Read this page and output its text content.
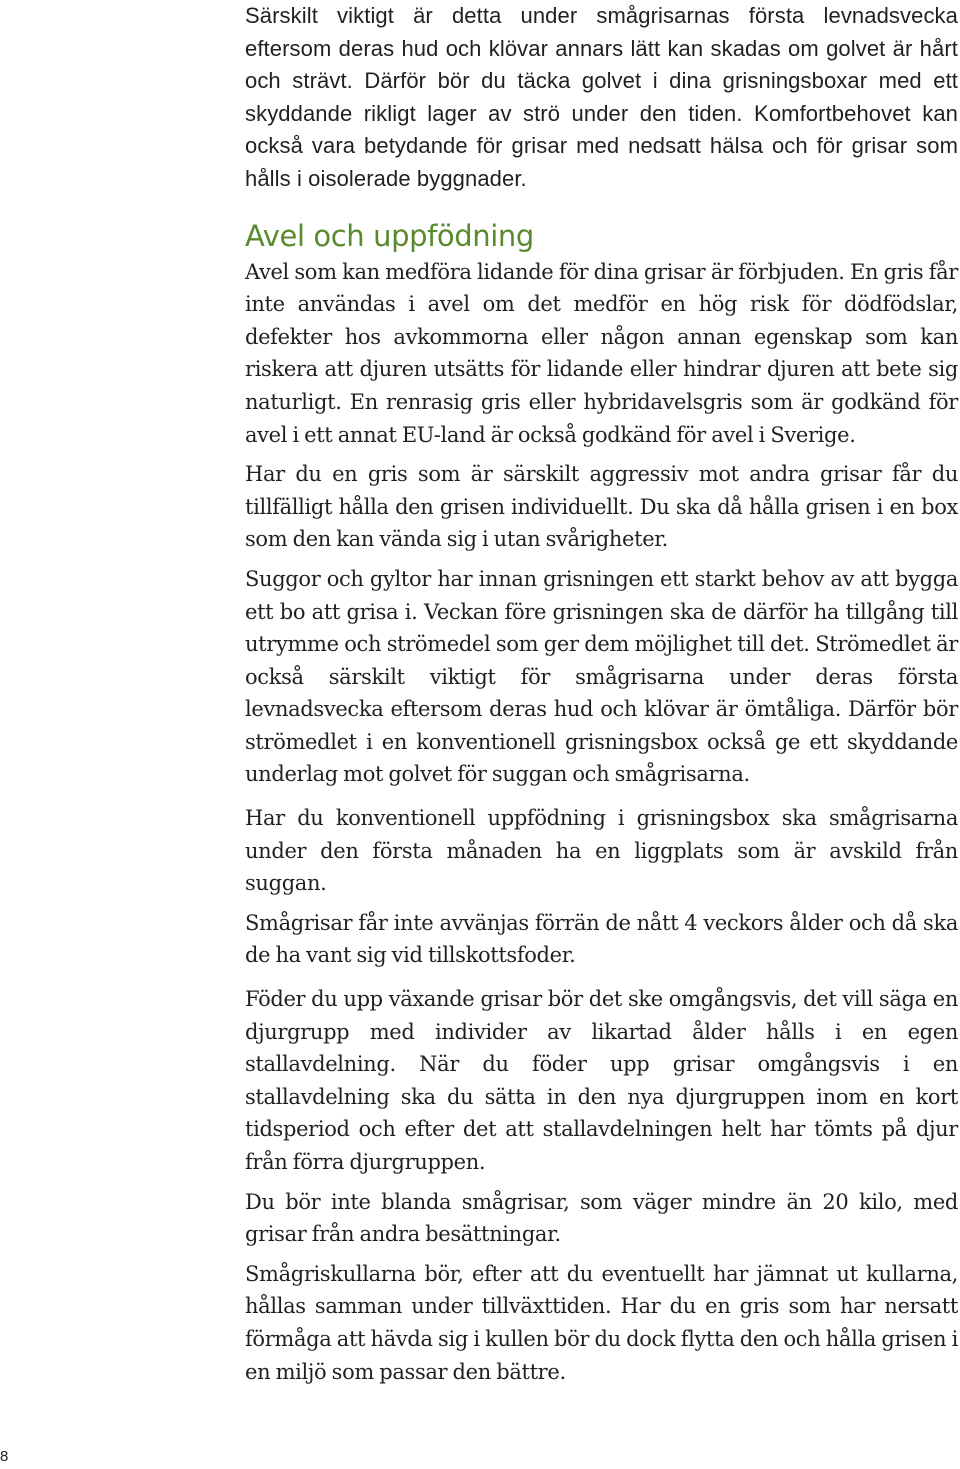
Särskilt viktigt är detta under smågrisarnas första levnadsvecka eftersom deras hud och klövar annars lätt kan skadas om golvet är hårt och strävt. Därför bör du täcka golvet i dina grisningsboxar med ett skyddande rikligt lager av strö under den tiden. Komfortbehovet kan också vara betydande för grisar med nedsatt hälsa och för grisar som hålls i oisolerade byggnader.

Avel och uppfödning

Avel som kan medföra lidande för dina grisar är förbjuden. En gris får inte användas i avel om det medför en hög risk för dödfödslar, defekter hos avkommorna eller någon annan egenskap som kan riskera att djuren utsätts för lidande eller hindrar djuren att bete sig naturligt. En renrasig gris eller hybridavelsgris som är godkänd för avel i ett annat EU-land är också godkänd för avel i Sverige.

Har du en gris som är särskilt aggressiv mot andra grisar får du tillfälligt hålla den grisen individuellt. Du ska då hålla grisen i en box som den kan vända sig i utan svårigheter.

Suggor och gyltor har innan grisningen ett starkt behov av att bygga ett bo att grisa i. Veckan före grisningen ska de därför ha tillgång till utrymme och strömedel som ger dem möjlighet till det. Strömedlet är också särskilt viktigt för smågrisarna under deras första levnadsvecka eftersom deras hud och klövar är ömtåliga. Därför bör strömedlet i en konventionell grisningsbox också ge ett skyddande underlag mot golvet för suggan och smågrisarna.

Har du konventionell uppfödning i grisningsbox ska smågrisarna under den första månaden ha en liggplats som är avskild från suggan.

Smågrisar får inte avvänjas förrän de nått 4 veckors ålder och då ska de ha vant sig vid tillskottsfoder.

Föder du upp växande grisar bör det ske omgångsvis, det vill säga en djurgrupp med individer av likartad ålder hålls i en egen stallavdelning. När du föder upp grisar omgångsvis i en stallavdelning ska du sätta in den nya djurgruppen inom en kort tidsperiod och efter det att stallavdelningen helt har tömts på djur från förra djurgruppen.

Du bör inte blanda smågrisar, som väger mindre än 20 kilo, med grisar från andra besättningar.

Smågriskullarna bör, efter att du eventuellt har jämnat ut kullarna, hållas samman under tillväxttiden. Har du en gris som har nersatt förmåga att hävda sig i kullen bör du dock flytta den och hålla grisen i en miljö som passar den bättre.

8
